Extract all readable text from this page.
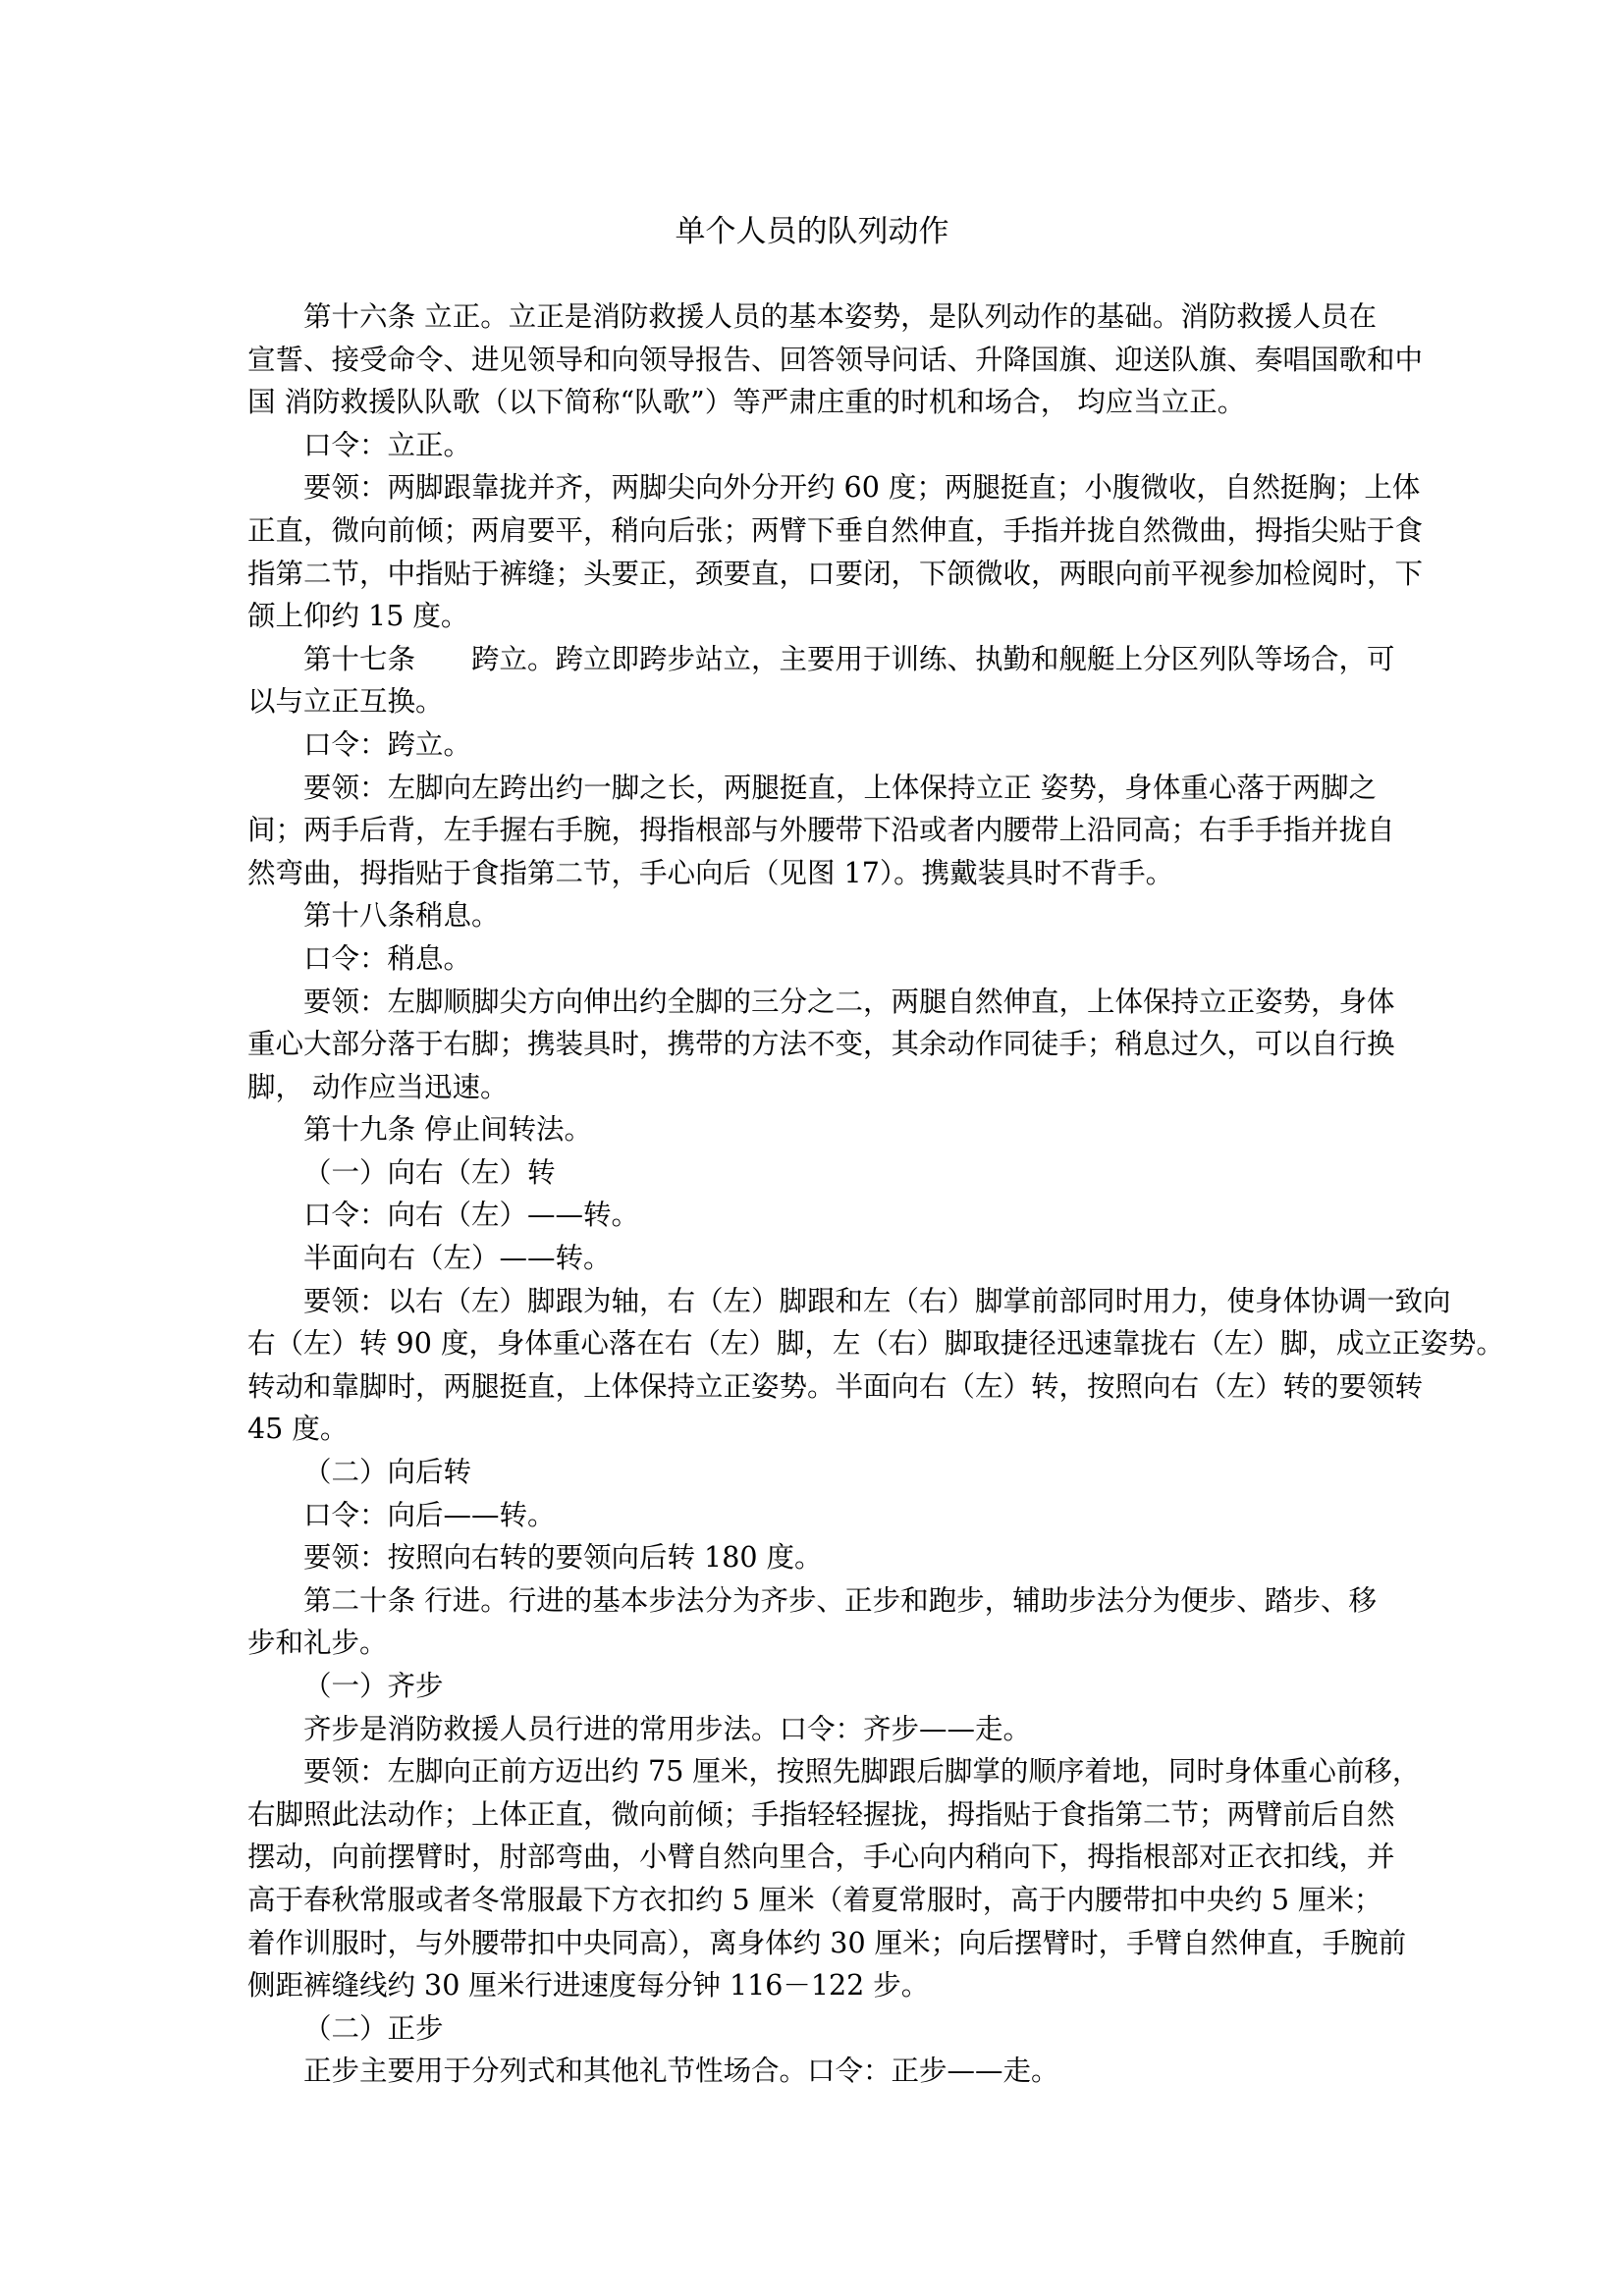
单个人员的队列动作
第十六条 立正。立正是消防救援人员的基本姿势，是队列动作的基础。消防救援人员在
宣誓、接受命令、进见领导和向领导报告、回答领导问话、升降国旗、迎送队旗、奏唱国歌和中
国 消防救援队队歌（以下简称“队歌”）等严肃庄重的时机和场合， 均应当立正。
口令：立正。
要领：两脚跟靠拢并齐，两脚尖向外分开约 60 度；两腿挺直；小腹微收，自然挺胸；上体
正直，微向前倾；两肩要平，稍向后张；两臂下垂自然伸直，手指并拢自然微曲，拇指尖贴于食
指第二节，中指贴于裤缝；头要正，颈要直，口要闭，下颌微收，两眼向前平视参加检阅时，下
颌上仰约 15 度。
第十七条　　跨立。跨立即跨步站立，主要用于训练、执勤和舰艇上分区列队等场合，可
以与立正互换。
口令：跨立。
要领：左脚向左跨出约一脚之长，两腿挺直，上体保持立正 姿势，身体重心落于两脚之
间；两手后背，左手握右手腕，拇指根部与外腰带下沿或者内腰带上沿同高；右手手指并拢自
然弯曲，拇指贴于食指第二节，手心向后（见图 17）。携戴装具时不背手。
第十八条稍息。
口令：稍息。
要领：左脚顺脚尖方向伸出约全脚的三分之二，两腿自然伸直，上体保持立正姿势，身体
重心大部分落于右脚；携装具时，携带的方法不变，其余动作同徒手；稍息过久，可以自行换
脚， 动作应当迅速。
第十九条 停止间转法。
（一）向右（左）转
口令：向右（左）——转。
半面向右（左）——转。
要领：以右（左）脚跟为轴，右（左）脚跟和左（右）脚掌前部同时用力，使身体协调一致向
右（左）转 90 度，身体重心落在右（左）脚，左（右）脚取捷径迅速靠拢右（左）脚，成立正姿势。
转动和靠脚时，两腿挺直，上体保持立正姿势。半面向右（左）转，按照向右（左）转的要领转
45 度。
（二）向后转
口令：向后——转。
要领：按照向右转的要领向后转 180 度。
第二十条 行进。行进的基本步法分为齐步、正步和跑步，辅助步法分为便步、踏步、移
步和礼步。
（一）齐步
齐步是消防救援人员行进的常用步法。口令：齐步——走。
要领：左脚向正前方迈出约 75 厘米，按照先脚跟后脚掌的顺序着地，同时身体重心前移，
右脚照此法动作；上体正直，微向前倾；手指轻轻握拢，拇指贴于食指第二节；两臂前后自然
摆动，向前摆臂时，肘部弯曲，小臂自然向里合，手心向内稍向下，拇指根部对正衣扣线，并
高于春秋常服或者冬常服最下方衣扣约 5 厘米（着夏常服时，高于内腰带扣中央约 5 厘米；
着作训服时，与外腰带扣中央同高），离身体约 30 厘米；向后摆臂时，手臂自然伸直，手腕前
侧距裤缝线约 30 厘米行进速度每分钟 116－122 步。
（二）正步
正步主要用于分列式和其他礼节性场合。口令：正步——走。
